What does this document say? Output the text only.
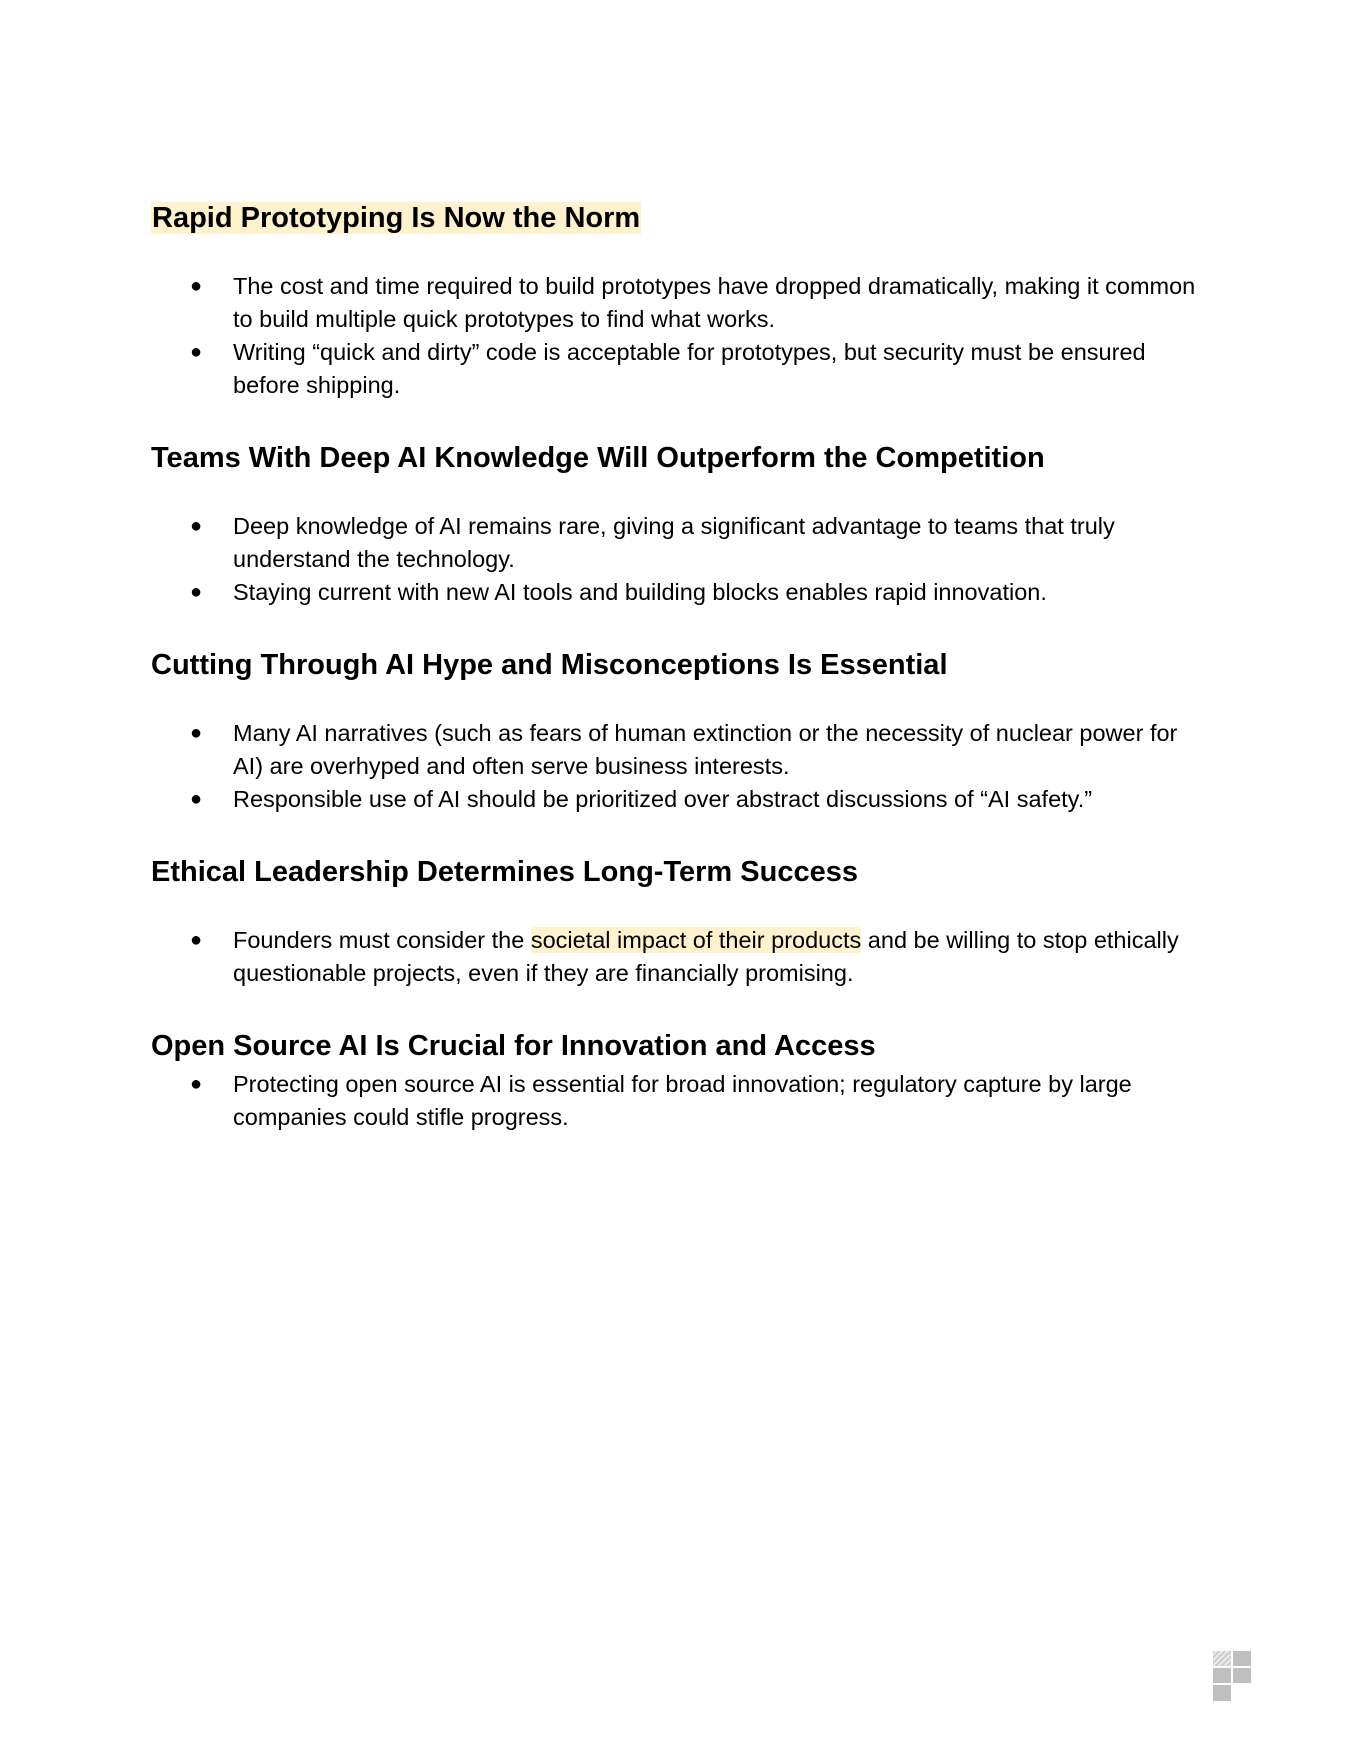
Rapid Prototyping Is Now the Norm
● The cost and time required to build prototypes have dropped dramatically, making it common to build multiple quick prototypes to find what works.
● Writing “quick and dirty” code is acceptable for prototypes, but security must be ensured before shipping.
Teams With Deep AI Knowledge Will Outperform the Competition
● Deep knowledge of AI remains rare, giving a significant advantage to teams that truly understand the technology.
● Staying current with new AI tools and building blocks enables rapid innovation.
Cutting Through AI Hype and Misconceptions Is Essential
● Many AI narratives (such as fears of human extinction or the necessity of nuclear power for AI) are overhyped and often serve business interests.
● Responsible use of AI should be prioritized over abstract discussions of “AI safety.”
Ethical Leadership Determines Long-Term Success
● Founders must consider the societal impact of their products and be willing to stop ethically questionable projects, even if they are financially promising.
Open Source AI Is Crucial for Innovation and Access
● Protecting open source AI is essential for broad innovation; regulatory capture by large companies could stifle progress.
